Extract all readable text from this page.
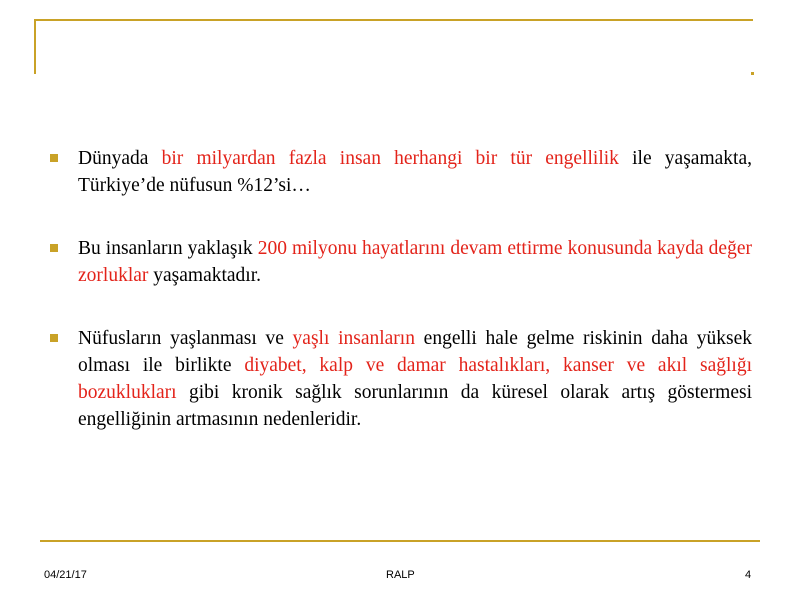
Dünyada bir milyardan fazla insan herhangi bir tür engellilik ile yaşamakta, Türkiye’de nüfusun %12’si…
Bu insanların yaklaşık 200 milyonu hayatlarını devam ettirme konusunda kayda değer zorluklar yaşamaktadır.
Nüfusların yaşlanması ve yaşlı insanların engelli hale gelme riskinin daha yüksek olması ile birlikte diyabet, kalp ve damar hastalıkları, kanser ve akıl sağlığı bozuklukları gibi kronik sağlık sorunlarının da küresel olarak artış göstermesi engelliğinin artmasının nedenleridir.
04/21/17	RALP	4
